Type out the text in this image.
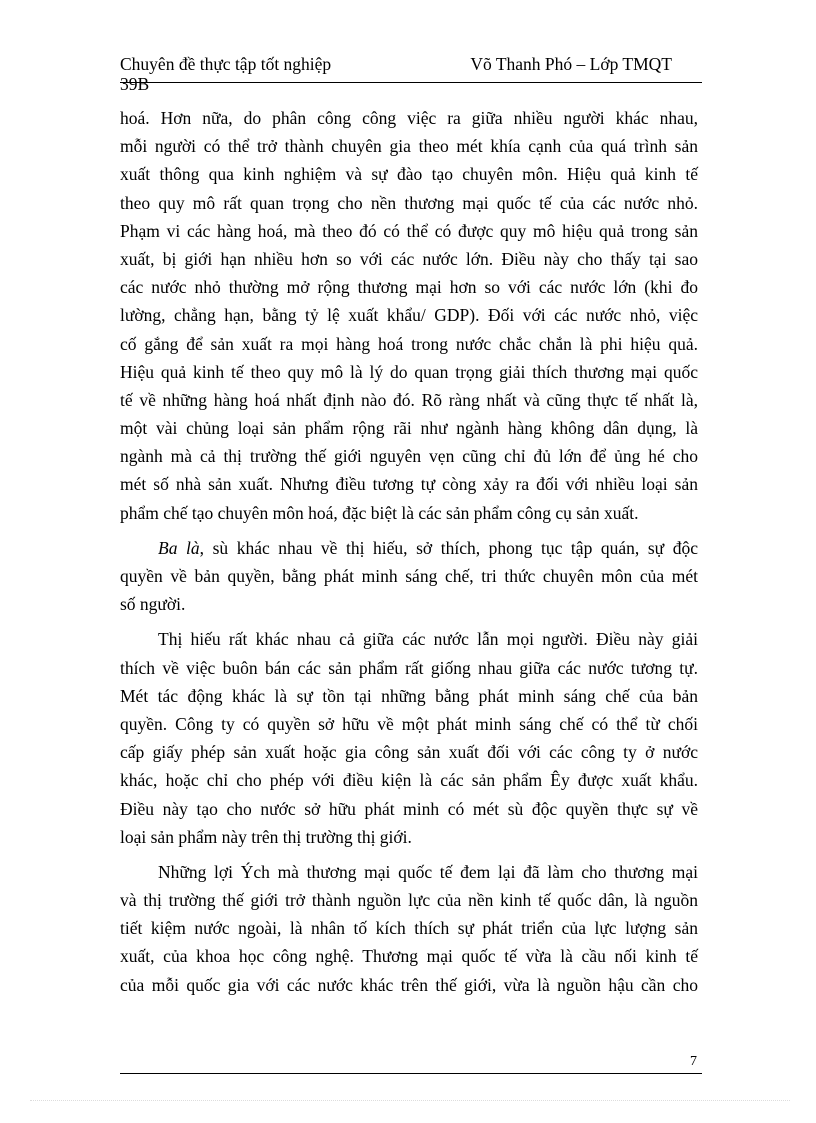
Chuyên đề thực tập tốt nghiệp	Võ Thanh Phó – Lớp TMQT
39B
hoá. Hơn nữa, do phân công công việc ra giữa nhiều người khác nhau,
mỗi người có thể trở thành chuyên gia theo mét khía cạnh của quá trình sản
xuất thông qua kinh nghiệm và sự đào tạo chuyên môn. Hiệu quả kinh tế
theo quy mô rất quan trọng cho nền thương mại quốc tế của các nước nhỏ.
Phạm vi các hàng hoá, mà theo đó có thể có được quy mô hiệu quả trong sản
xuất, bị giới hạn nhiều hơn so với các nước lớn. Điều này cho thấy tại sao
các nước nhỏ thường mở rộng thương mại hơn so với các nước lớn (khi đo
lường, chẳng hạn, bằng tỷ lệ xuất khẩu/ GDP). Đối với các nước nhỏ, việc
cố gắng để sản xuất ra mọi hàng hoá trong nước chắc chắn là phi hiệu quả.
Hiệu quả kinh tế theo quy mô là lý do quan trọng giải thích thương mại quốc
tế về những hàng hoá nhất định nào đó. Rõ ràng nhất và cũng thực tế nhất là,
một vài chủng loại sản phẩm rộng rãi như ngành hàng không dân dụng, là
ngành mà cả thị trường thế giới nguyên vẹn cũng chỉ đủ lớn để ủng hé cho
mét số nhà sản xuất. Nhưng điều tương tự còng xảy ra đối với nhiều loại sản
phẩm chế tạo chuyên môn hoá, đặc biệt là các sản phẩm công cụ sản xuất.
Ba là, sù khác nhau về thị hiếu, sở thích, phong tục tập quán, sự độc
quyền về bản quyền, bằng phát minh sáng chế, tri thức chuyên môn của mét
số người.
Thị hiếu rất khác nhau cả giữa các nước lẫn mọi người. Điều này giải
thích về việc buôn bán các sản phẩm rất giống nhau giữa các nước tương tự.
Mét tác động khác là sự tồn tại những bằng phát minh sáng chế của bản
quyền. Công ty có quyền sở hữu về một phát minh sáng chế có thể từ chối
cấp giấy phép sản xuất hoặc gia công sản xuất đối với các công ty ở nước
khác, hoặc chỉ cho phép với điều kiện là các sản phẩm Êy được xuất khẩu.
Điều này tạo cho nước sở hữu phát minh có mét sù độc quyền thực sự về
loại sản phẩm này trên thị trường thị giới.
Những lợi Ých mà thương mại quốc tế đem lại đã làm cho thương mại
và thị trường thế giới trở thành nguồn lực của nền kinh tế quốc dân, là nguồn
tiết kiệm nước ngoài, là nhân tố kích thích sự phát triển của lực lượng sản
xuất, của khoa học công nghệ. Thương mại quốc tế vừa là cầu nối kinh tế
của mỗi quốc gia với các nước khác trên thế giới, vừa là nguồn hậu cần cho
7
